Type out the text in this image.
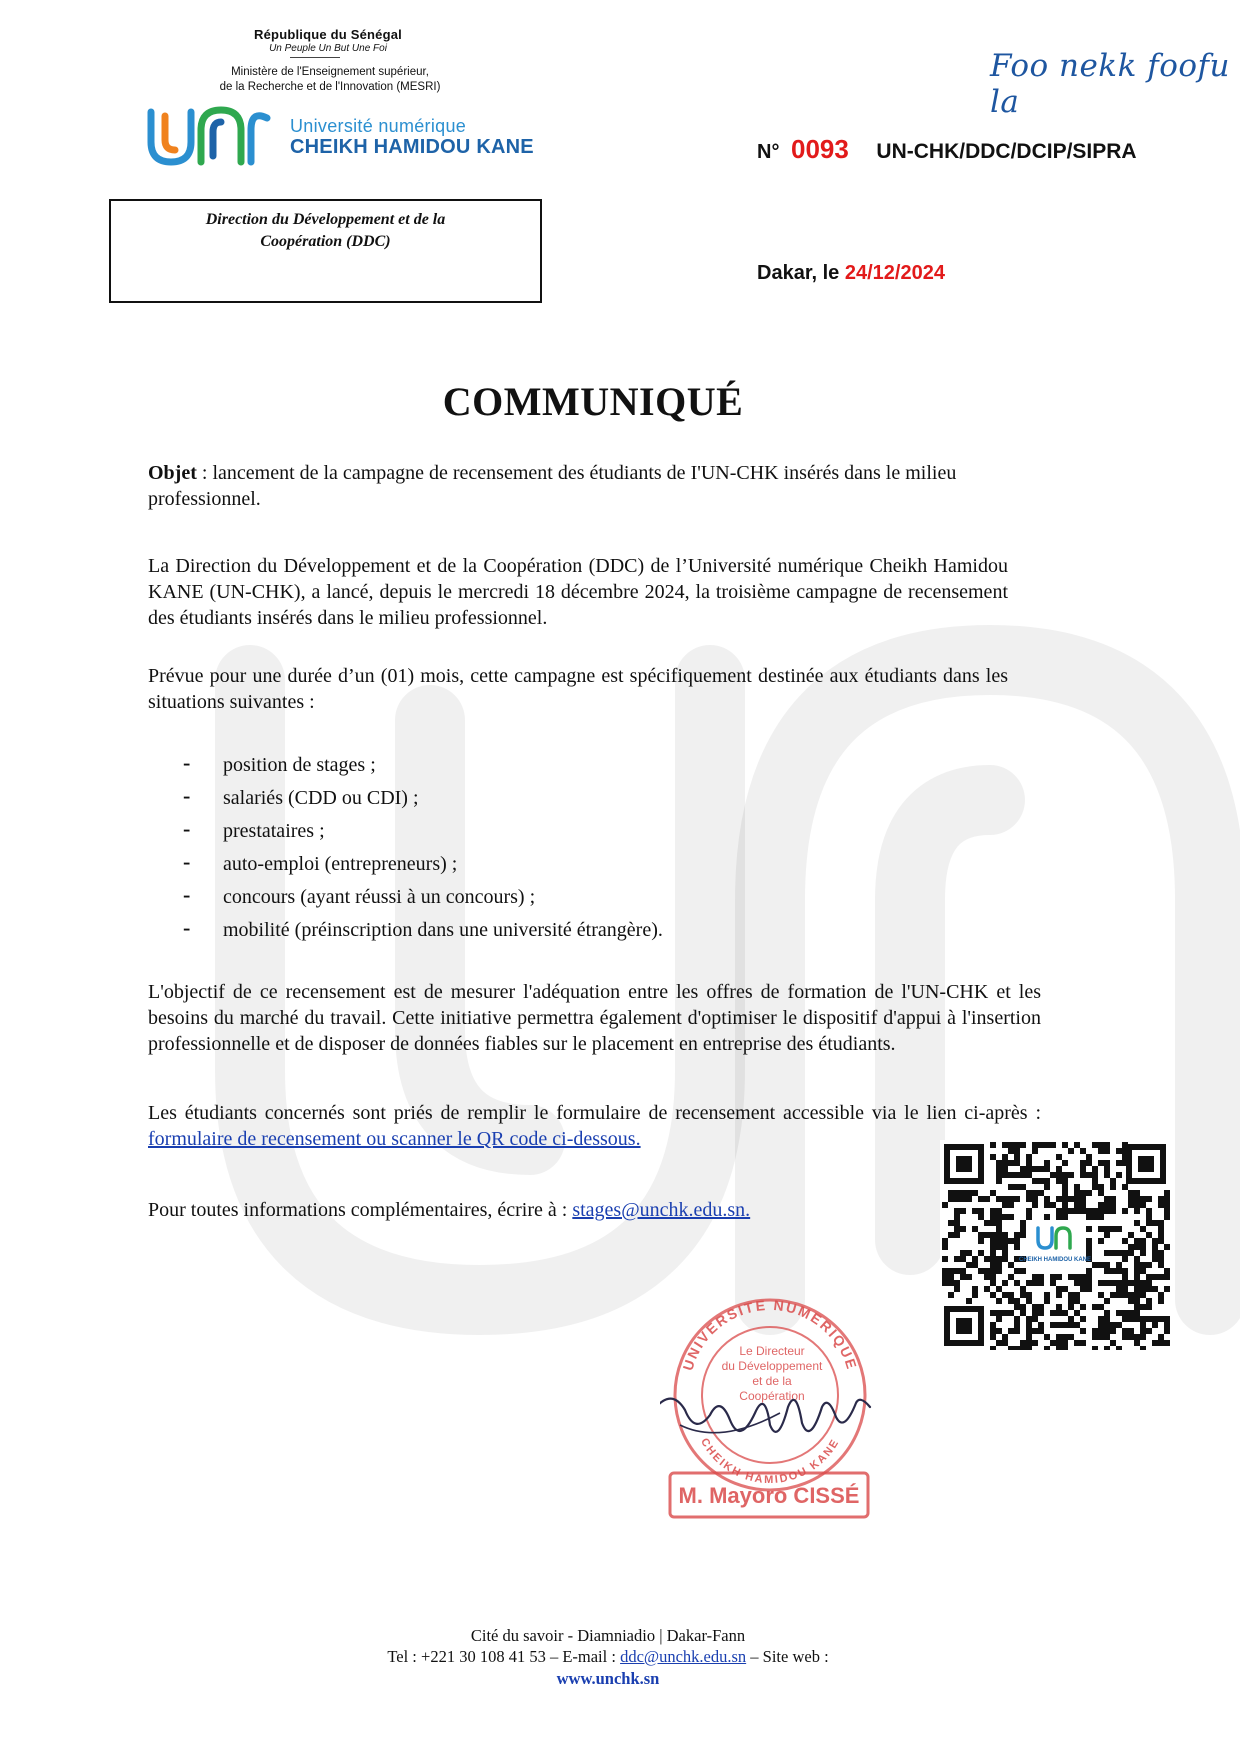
République du Sénégal
Un Peuple Un But Une Foi
Ministère de l'Enseignement supérieur,
de la Recherche et de l'Innovation (MESRI)
Université numérique
CHEIKH HAMIDOU KANE
Foo nekk foofu la
N° 0093 UN-CHK/DDC/DCIP/SIPRA
Direction du Développement et de la
Coopération (DDC)
Dakar, le 24/12/2024
COMMUNIQUÉ
Objet : lancement de la campagne de recensement des étudiants de I'UN-CHK insérés dans le milieu professionnel.
La Direction du Développement et de la Coopération (DDC) de l’Université numérique Cheikh Hamidou KANE (UN-CHK), a lancé, depuis le mercredi 18 décembre 2024, la troisième campagne de recensement des étudiants insérés dans le milieu professionnel.
Prévue pour une durée d’un (01) mois, cette campagne est spécifiquement destinée aux étudiants dans les situations suivantes :
- position de stages ;
- salariés (CDD ou CDI) ;
- prestataires ;
- auto-emploi (entrepreneurs) ;
- concours (ayant réussi à un concours) ;
- mobilité (préinscription dans une université étrangère).
L'objectif de ce recensement est de mesurer l'adéquation entre les offres de formation de l'UN-CHK et les besoins du marché du travail. Cette initiative permettra également d'optimiser le dispositif d'appui à l'insertion professionnelle et de disposer de données fiables sur le placement en entreprise des étudiants.
Les étudiants concernés sont priés de remplir le formulaire de recensement accessible via le lien ci-après : formulaire de recensement ou scanner le QR code ci-dessous.
Pour toutes informations complémentaires, écrire à : stages@unchk.edu.sn.
CHEIKH HAMIDOU KANE
UNIVERSITE NUMERIQUE
CHEIKH HAMIDOU KANE
Le Directeur
du Développement
et de la
Coopération
M. Mayoro CISSÉ
Cité du savoir - Diamniadio | Dakar-Fann
Tel : +221 30 108 41 53 – E-mail : ddc@unchk.edu.sn – Site web :
www.unchk.sn
